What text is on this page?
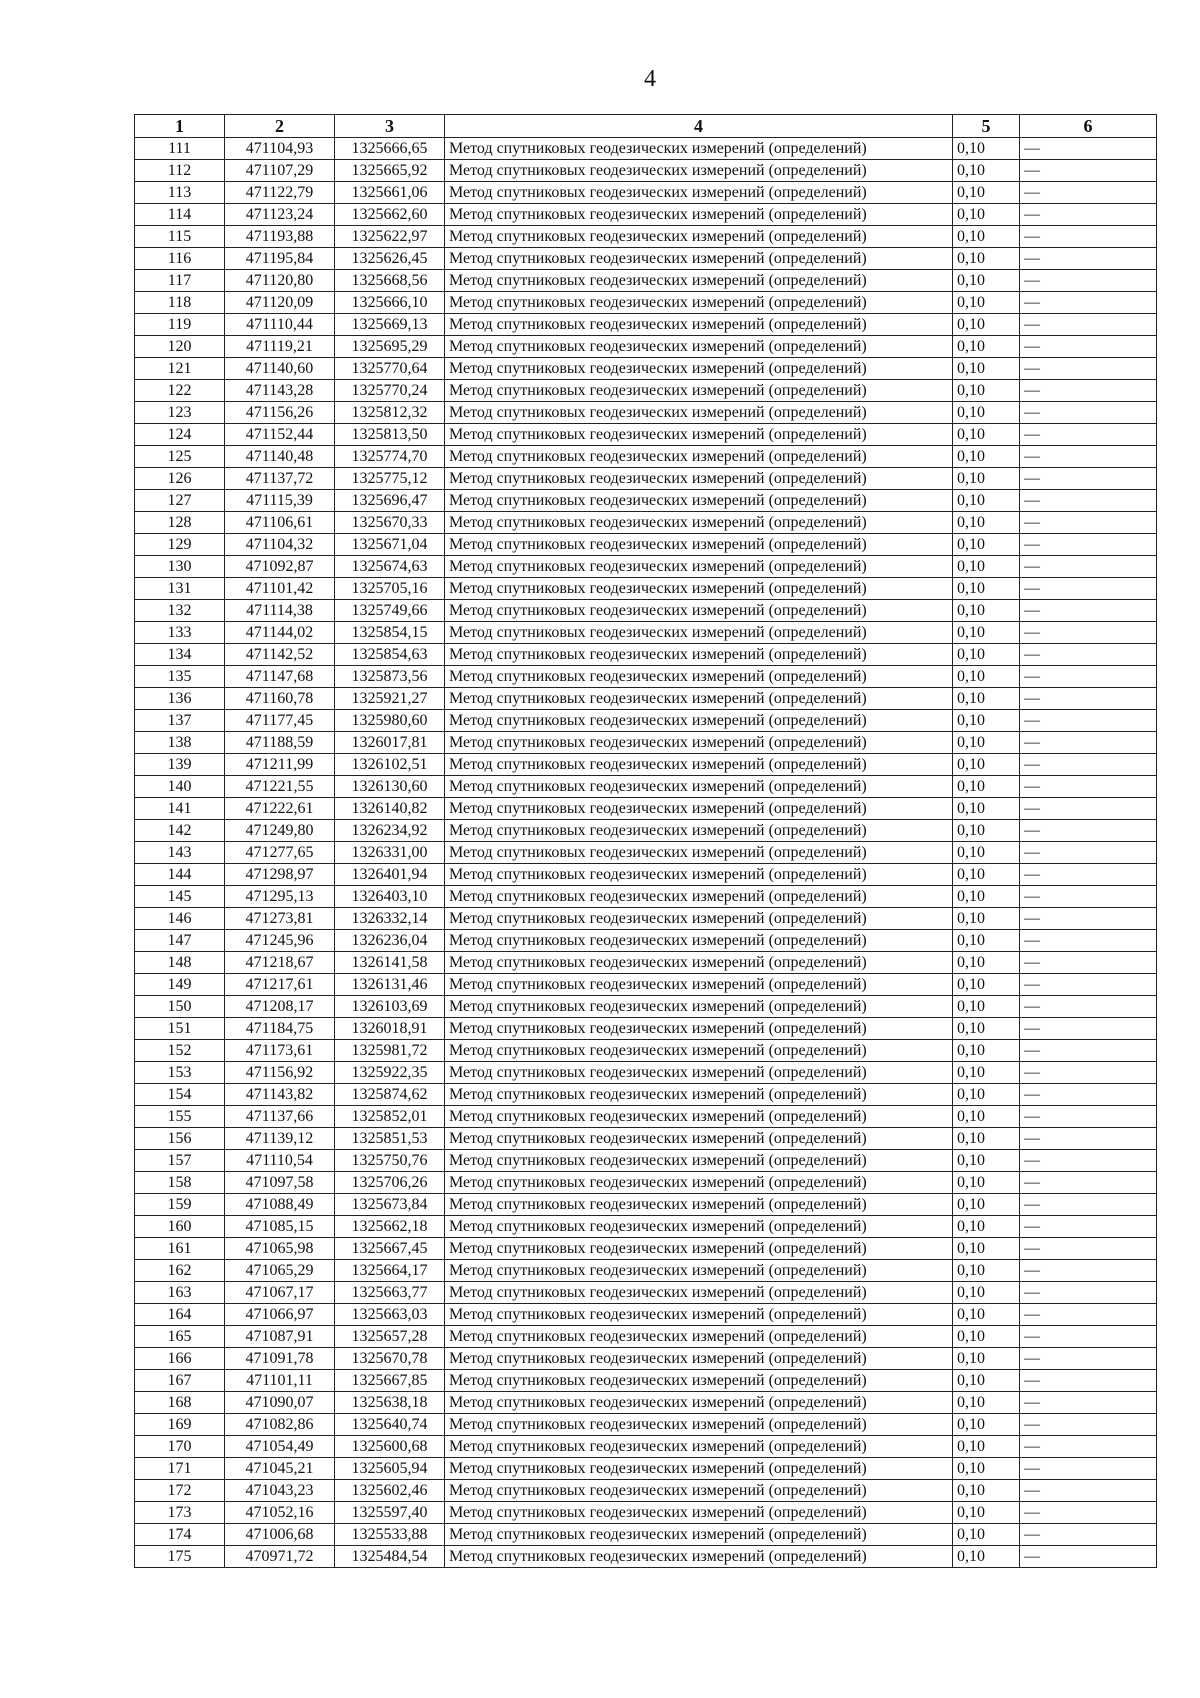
4
1	2	3	4	5	6
111	471104,93	1325666,65	Метод спутниковых геодезических измерений (определений)	0,10	—
112	471107,29	1325665,92	Метод спутниковых геодезических измерений (определений)	0,10	—
113	471122,79	1325661,06	Метод спутниковых геодезических измерений (определений)	0,10	—
114	471123,24	1325662,60	Метод спутниковых геодезических измерений (определений)	0,10	—
115	471193,88	1325622,97	Метод спутниковых геодезических измерений (определений)	0,10	—
116	471195,84	1325626,45	Метод спутниковых геодезических измерений (определений)	0,10	—
117	471120,80	1325668,56	Метод спутниковых геодезических измерений (определений)	0,10	—
118	471120,09	1325666,10	Метод спутниковых геодезических измерений (определений)	0,10	—
119	471110,44	1325669,13	Метод спутниковых геодезических измерений (определений)	0,10	—
120	471119,21	1325695,29	Метод спутниковых геодезических измерений (определений)	0,10	—
121	471140,60	1325770,64	Метод спутниковых геодезических измерений (определений)	0,10	—
122	471143,28	1325770,24	Метод спутниковых геодезических измерений (определений)	0,10	—
123	471156,26	1325812,32	Метод спутниковых геодезических измерений (определений)	0,10	—
124	471152,44	1325813,50	Метод спутниковых геодезических измерений (определений)	0,10	—
125	471140,48	1325774,70	Метод спутниковых геодезических измерений (определений)	0,10	—
126	471137,72	1325775,12	Метод спутниковых геодезических измерений (определений)	0,10	—
127	471115,39	1325696,47	Метод спутниковых геодезических измерений (определений)	0,10	—
128	471106,61	1325670,33	Метод спутниковых геодезических измерений (определений)	0,10	—
129	471104,32	1325671,04	Метод спутниковых геодезических измерений (определений)	0,10	—
130	471092,87	1325674,63	Метод спутниковых геодезических измерений (определений)	0,10	—
131	471101,42	1325705,16	Метод спутниковых геодезических измерений (определений)	0,10	—
132	471114,38	1325749,66	Метод спутниковых геодезических измерений (определений)	0,10	—
133	471144,02	1325854,15	Метод спутниковых геодезических измерений (определений)	0,10	—
134	471142,52	1325854,63	Метод спутниковых геодезических измерений (определений)	0,10	—
135	471147,68	1325873,56	Метод спутниковых геодезических измерений (определений)	0,10	—
136	471160,78	1325921,27	Метод спутниковых геодезических измерений (определений)	0,10	—
137	471177,45	1325980,60	Метод спутниковых геодезических измерений (определений)	0,10	—
138	471188,59	1326017,81	Метод спутниковых геодезических измерений (определений)	0,10	—
139	471211,99	1326102,51	Метод спутниковых геодезических измерений (определений)	0,10	—
140	471221,55	1326130,60	Метод спутниковых геодезических измерений (определений)	0,10	—
141	471222,61	1326140,82	Метод спутниковых геодезических измерений (определений)	0,10	—
142	471249,80	1326234,92	Метод спутниковых геодезических измерений (определений)	0,10	—
143	471277,65	1326331,00	Метод спутниковых геодезических измерений (определений)	0,10	—
144	471298,97	1326401,94	Метод спутниковых геодезических измерений (определений)	0,10	—
145	471295,13	1326403,10	Метод спутниковых геодезических измерений (определений)	0,10	—
146	471273,81	1326332,14	Метод спутниковых геодезических измерений (определений)	0,10	—
147	471245,96	1326236,04	Метод спутниковых геодезических измерений (определений)	0,10	—
148	471218,67	1326141,58	Метод спутниковых геодезических измерений (определений)	0,10	—
149	471217,61	1326131,46	Метод спутниковых геодезических измерений (определений)	0,10	—
150	471208,17	1326103,69	Метод спутниковых геодезических измерений (определений)	0,10	—
151	471184,75	1326018,91	Метод спутниковых геодезических измерений (определений)	0,10	—
152	471173,61	1325981,72	Метод спутниковых геодезических измерений (определений)	0,10	—
153	471156,92	1325922,35	Метод спутниковых геодезических измерений (определений)	0,10	—
154	471143,82	1325874,62	Метод спутниковых геодезических измерений (определений)	0,10	—
155	471137,66	1325852,01	Метод спутниковых геодезических измерений (определений)	0,10	—
156	471139,12	1325851,53	Метод спутниковых геодезических измерений (определений)	0,10	—
157	471110,54	1325750,76	Метод спутниковых геодезических измерений (определений)	0,10	—
158	471097,58	1325706,26	Метод спутниковых геодезических измерений (определений)	0,10	—
159	471088,49	1325673,84	Метод спутниковых геодезических измерений (определений)	0,10	—
160	471085,15	1325662,18	Метод спутниковых геодезических измерений (определений)	0,10	—
161	471065,98	1325667,45	Метод спутниковых геодезических измерений (определений)	0,10	—
162	471065,29	1325664,17	Метод спутниковых геодезических измерений (определений)	0,10	—
163	471067,17	1325663,77	Метод спутниковых геодезических измерений (определений)	0,10	—
164	471066,97	1325663,03	Метод спутниковых геодезических измерений (определений)	0,10	—
165	471087,91	1325657,28	Метод спутниковых геодезических измерений (определений)	0,10	—
166	471091,78	1325670,78	Метод спутниковых геодезических измерений (определений)	0,10	—
167	471101,11	1325667,85	Метод спутниковых геодезических измерений (определений)	0,10	—
168	471090,07	1325638,18	Метод спутниковых геодезических измерений (определений)	0,10	—
169	471082,86	1325640,74	Метод спутниковых геодезических измерений (определений)	0,10	—
170	471054,49	1325600,68	Метод спутниковых геодезических измерений (определений)	0,10	—
171	471045,21	1325605,94	Метод спутниковых геодезических измерений (определений)	0,10	—
172	471043,23	1325602,46	Метод спутниковых геодезических измерений (определений)	0,10	—
173	471052,16	1325597,40	Метод спутниковых геодезических измерений (определений)	0,10	—
174	471006,68	1325533,88	Метод спутниковых геодезических измерений (определений)	0,10	—
175	470971,72	1325484,54	Метод спутниковых геодезических измерений (определений)	0,10	—
